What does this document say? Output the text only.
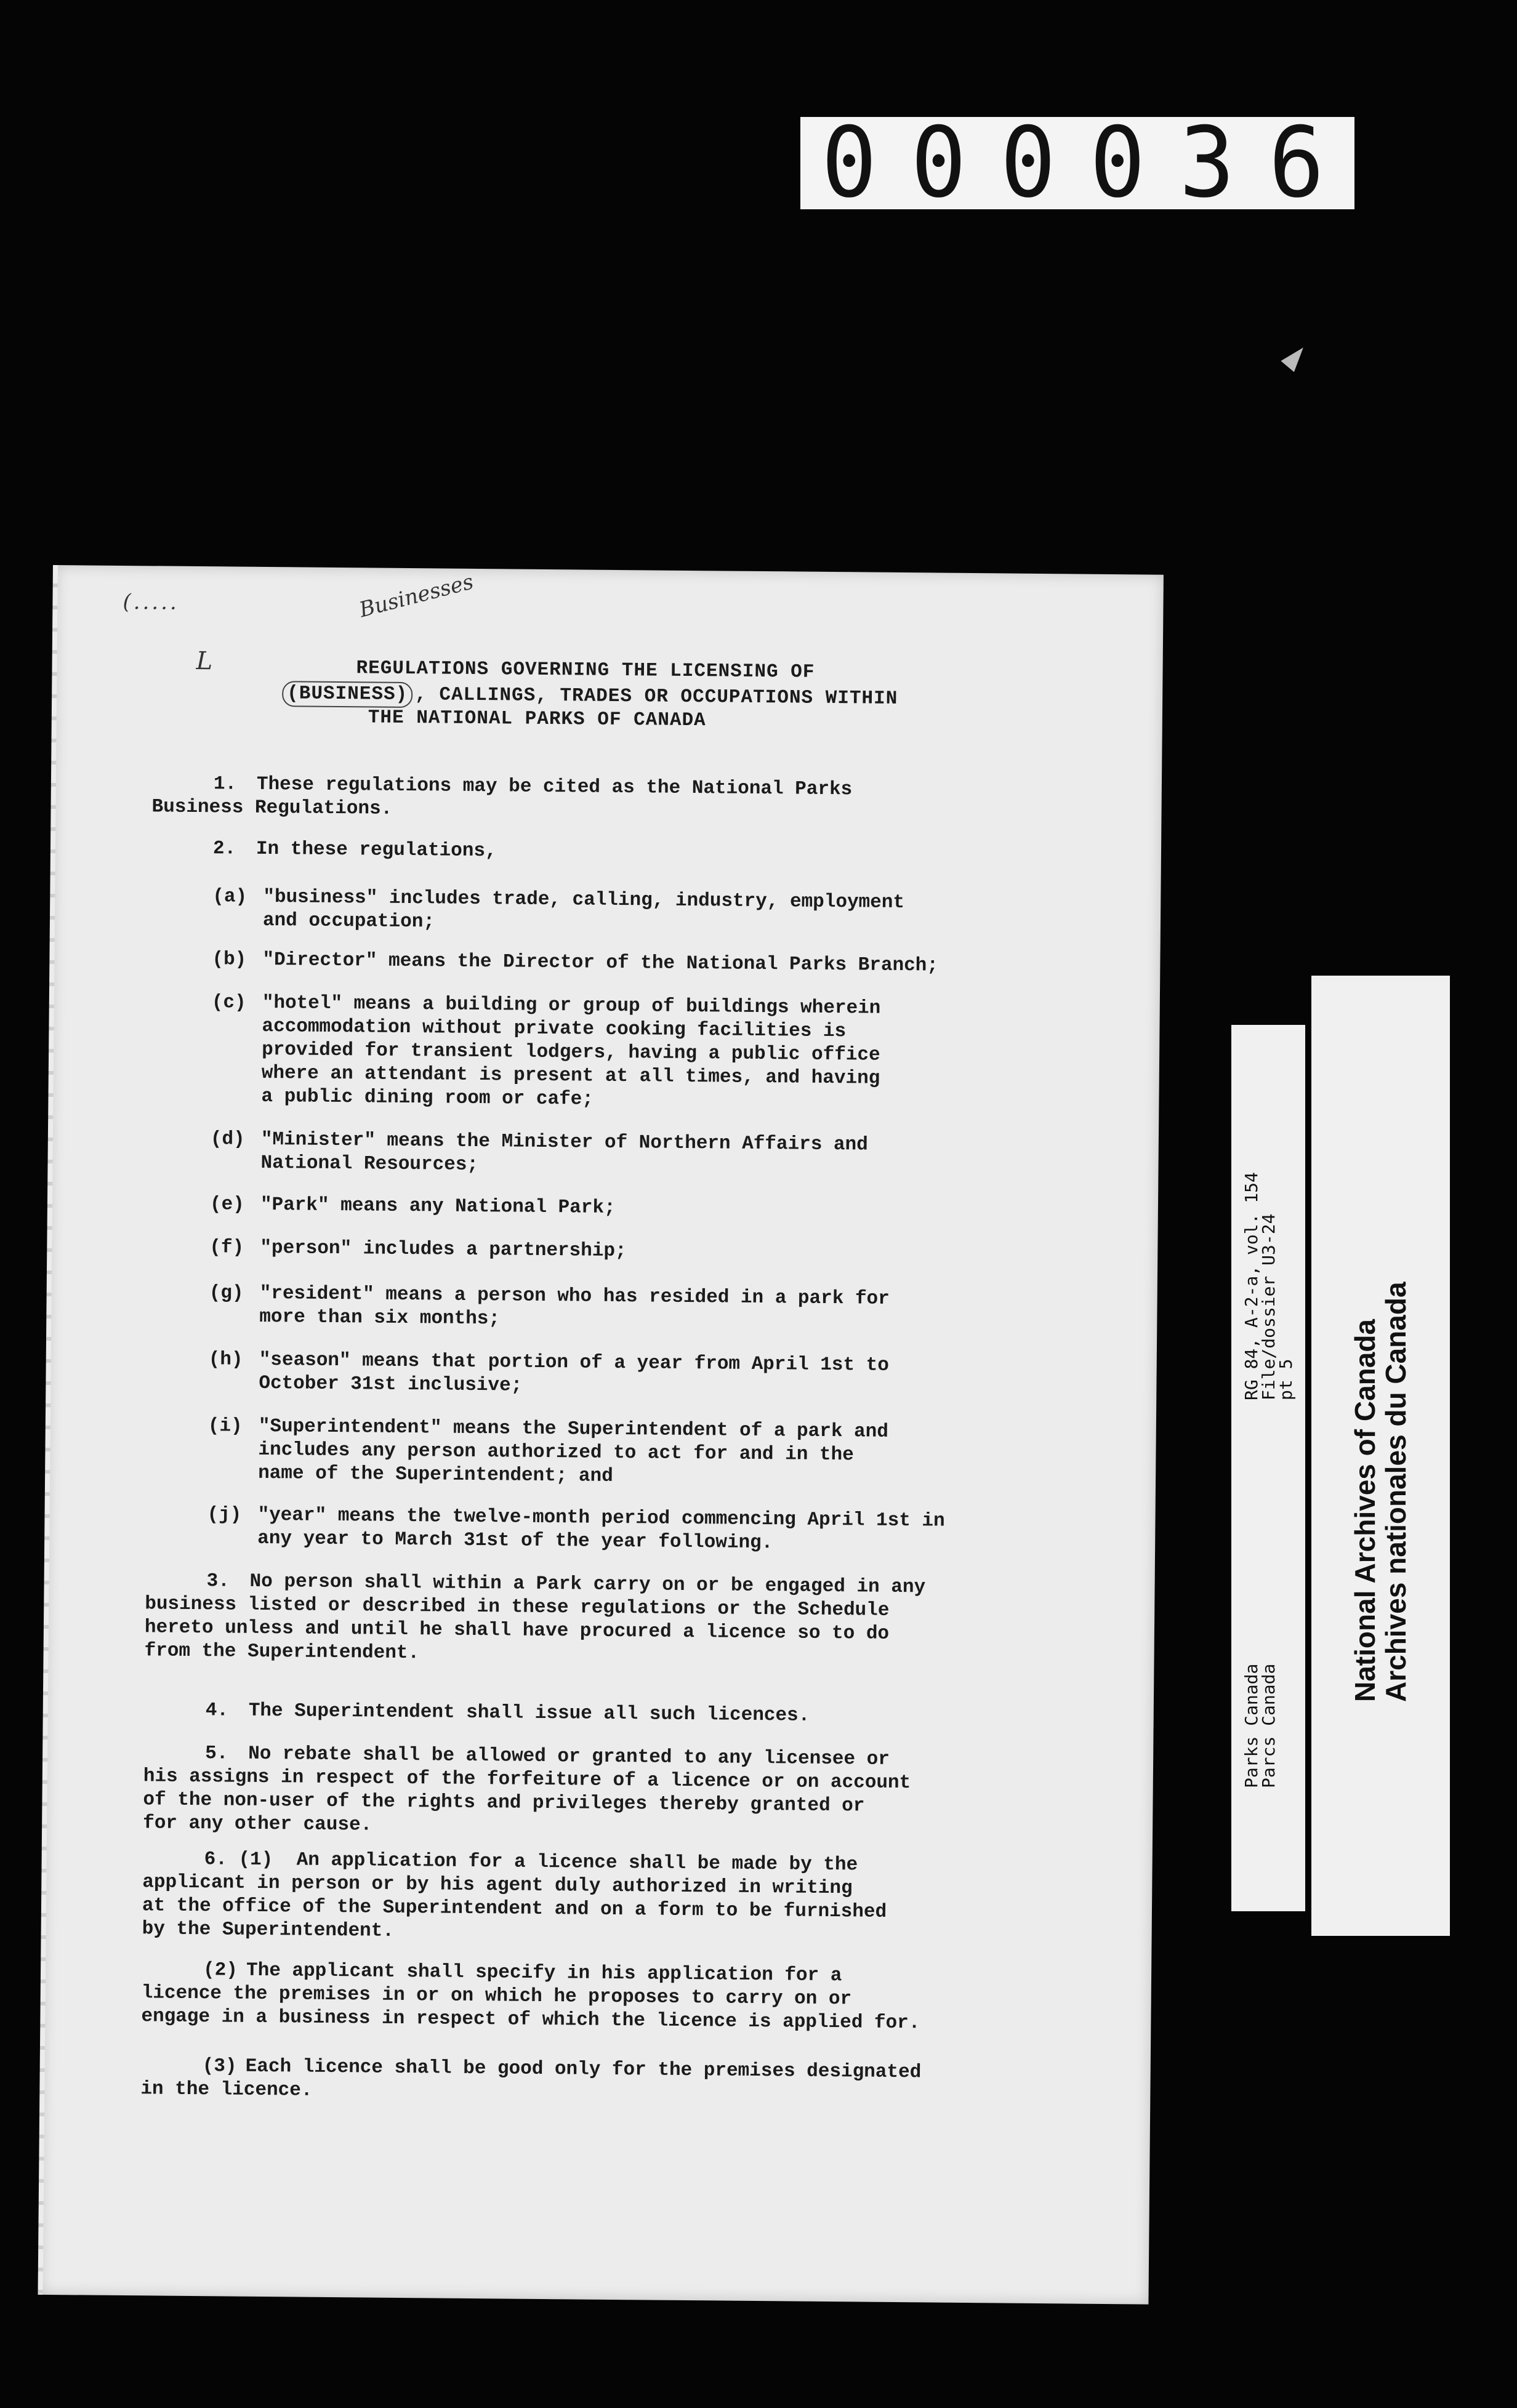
000036
(.....	Businesses
L	REGULATIONS GOVERNING THE LICENSING OF
(BUSINESS) , CALLINGS, TRADES OR OCCUPATIONS WITHIN
THE NATIONAL PARKS OF CANADA
1. These regulations may be cited as the National Parks
Business Regulations.
2. In these regulations,
(a) "business" includes trade, calling, industry, employment
and occupation;
(b) "Director" means the Director of the National Parks Branch;
(c) "hotel" means a building or group of buildings wherein
accommodation without private cooking facilities is
provided for transient lodgers, having a public office
where an attendant is present at all times, and having
a public dining room or cafe;
(d) "Minister" means the Minister of Northern Affairs and
National Resources;
(e) "Park" means any National Park;
(f) "person" includes a partnership;
(g) "resident" means a person who has resided in a park for
more than six months;
(h) "season" means that portion of a year from April 1st to
October 31st inclusive;
(i) "Superintendent" means the Superintendent of a park and
includes any person authorized to act for and in the
name of the Superintendent; and
(j) "year" means the twelve-month period commencing April 1st in
any year to March 31st of the year following.
3. No person shall within a Park carry on or be engaged in any
business listed or described in these regulations or the Schedule
hereto unless and until he shall have procured a licence so to do
from the Superintendent.
4. The Superintendent shall issue all such licences.
5. No rebate shall be allowed or granted to any licensee or
his assigns in respect of the forfeiture of a licence or on account
of the non-user of the rights and privileges thereby granted or
for any other cause.
6. (1) An application for a licence shall be made by the
applicant in person or by his agent duly authorized in writing
at the office of the Superintendent and on a form to be furnished
by the Superintendent.
(2) The applicant shall specify in his application for a
licence the premises in or on which he proposes to carry on or
engage in a business in respect of which the licence is applied for.
(3) Each licence shall be good only for the premises designated
in the licence.
RG 84, A-2-a, vol. 154
File/dossier U3-24
pt 5
Parks Canada
Parcs Canada
National Archives of Canada
Archives nationales du Canada
